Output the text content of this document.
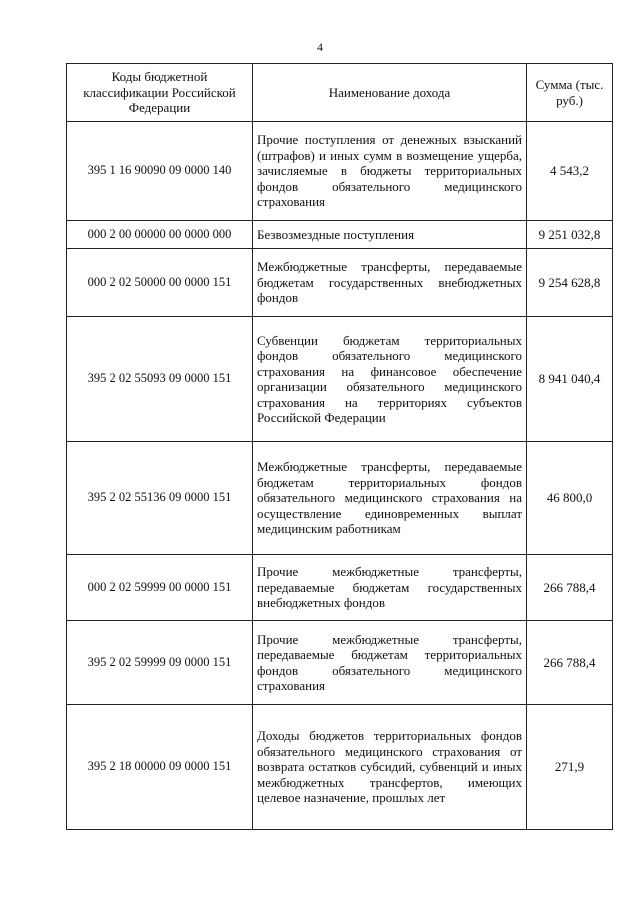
4
Коды бюджетной классификации Российской Федерации	Наименование дохода	Сумма (тыс. руб.)
395 1 16 90090 09 0000 140	Прочие поступления от денежных взысканий (штрафов) и иных сумм в возмещение ущерба, зачисляемые в бюджеты территориальных фондов обязательного медицинского страхования	4 543,2
000 2 00 00000 00 0000 000	Безвозмездные поступления	9 251 032,8
000 2 02 50000 00 0000 151	Межбюджетные трансферты, передаваемые бюджетам государственных внебюджетных фондов	9 254 628,8
395 2 02 55093 09 0000 151	Субвенции бюджетам территориальных фондов обязательного медицинского страхования на финансовое обеспечение организации обязательного медицинского страхования на территориях субъектов Российской Федерации	8 941 040,4
395 2 02 55136 09 0000 151	Межбюджетные трансферты, передаваемые бюджетам территориальных фондов обязательного медицинского страхования на осуществление единовременных выплат медицинским работникам	46 800,0
000 2 02 59999 00 0000 151	Прочие межбюджетные трансферты, передаваемые бюджетам государственных внебюджетных фондов	266 788,4
395 2 02 59999 09 0000 151	Прочие межбюджетные трансферты, передаваемые бюджетам территориальных фондов обязательного медицинского страхования	266 788,4
395 2 18 00000 09 0000 151	Доходы бюджетов территориальных фондов обязательного медицинского страхования от возврата остатков субсидий, субвенций и иных межбюджетных трансфертов, имеющих целевое назначение, прошлых лет	271,9
